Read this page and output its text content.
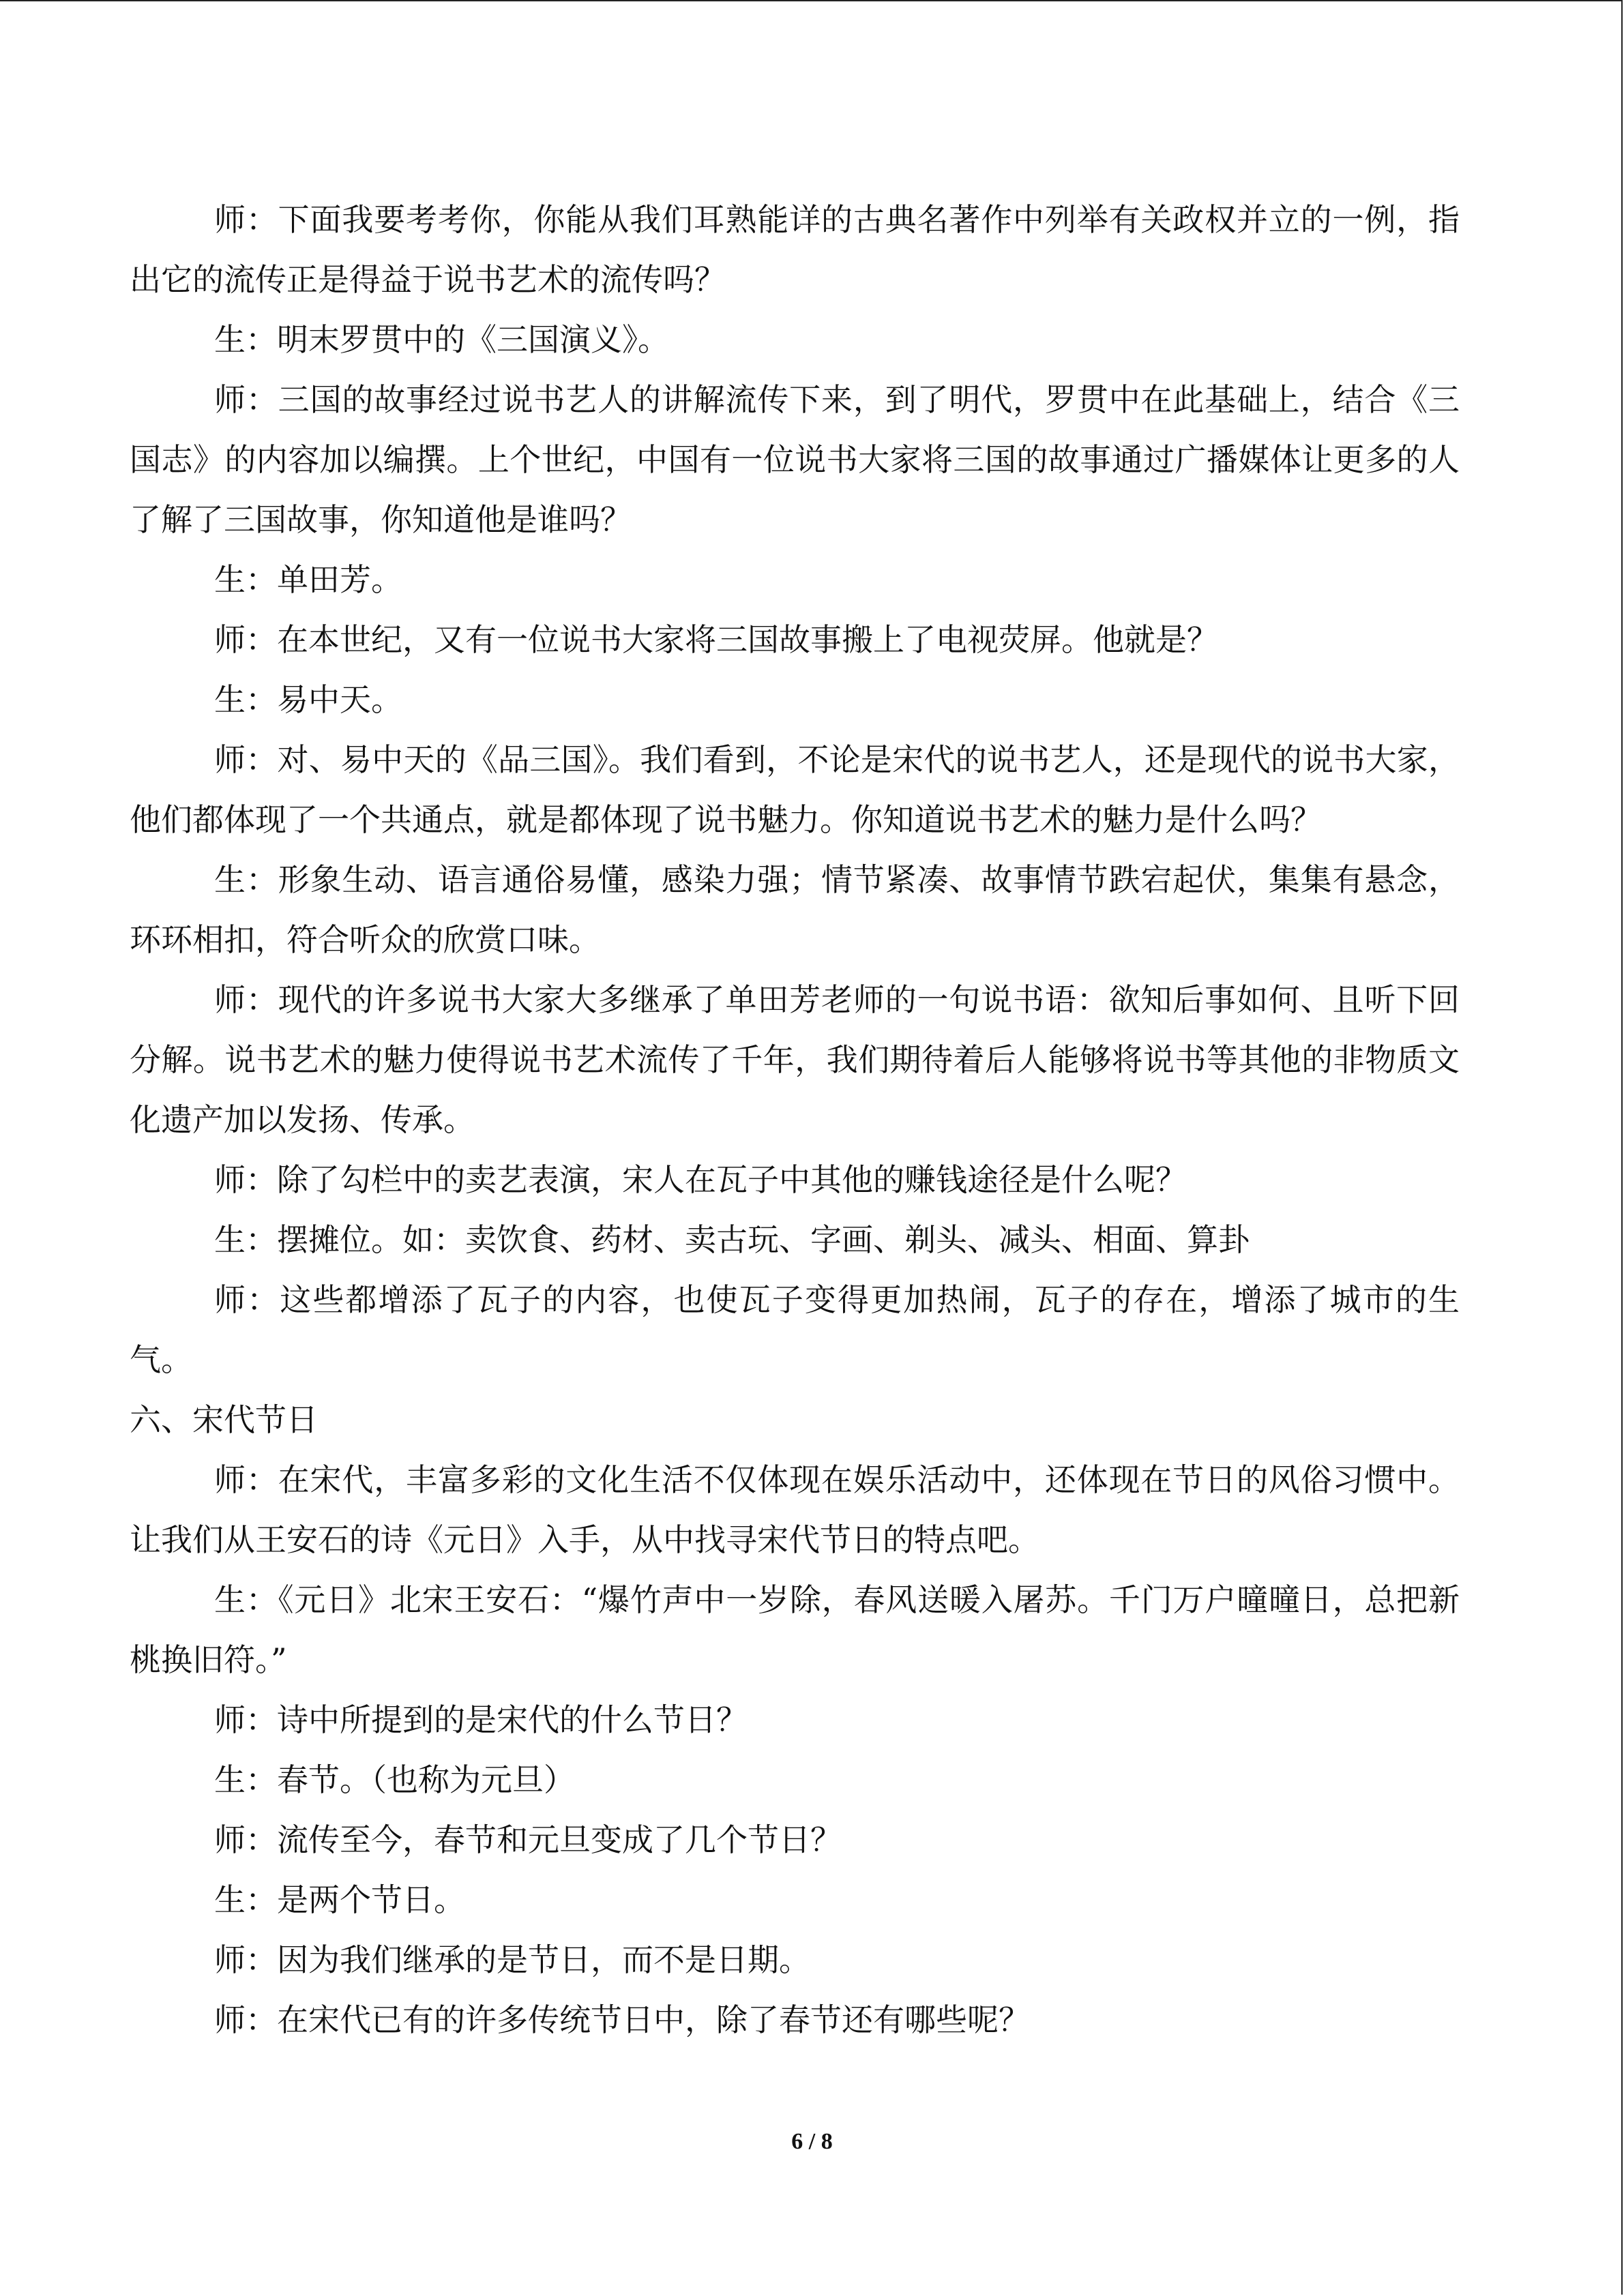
师：下面我要考考你，你能从我们耳熟能详的古典名著作中列举有关政权并立的一例，指出它的流传正是得益于说书艺术的流传吗？

生：明末罗贯中的《三国演义》。

师：三国的故事经过说书艺人的讲解流传下来，到了明代，罗贯中在此基础上，结合《三国志》的内容加以编撰。上个世纪，中国有一位说书大家将三国的故事通过广播媒体让更多的人了解了三国故事，你知道他是谁吗？

生：单田芳。

师：在本世纪，又有一位说书大家将三国故事搬上了电视荧屏。他就是？

生：易中天。

师：对、易中天的《品三国》。我们看到，不论是宋代的说书艺人，还是现代的说书大家，他们都体现了一个共通点，就是都体现了说书魅力。你知道说书艺术的魅力是什么吗？

生：形象生动、语言通俗易懂，感染力强；情节紧凑、故事情节跌宕起伏，集集有悬念，环环相扣，符合听众的欣赏口味。

师：现代的许多说书大家大多继承了单田芳老师的一句说书语：欲知后事如何、且听下回分解。说书艺术的魅力使得说书艺术流传了千年，我们期待着后人能够将说书等其他的非物质文化遗产加以发扬、传承。

师：除了勾栏中的卖艺表演，宋人在瓦子中其他的赚钱途径是什么呢？

生：摆摊位。如：卖饮食、药材、卖古玩、字画、剃头、减头、相面、算卦

师：这些都增添了瓦子的内容，也使瓦子变得更加热闹，瓦子的存在，增添了城市的生气。

六、宋代节日

师：在宋代，丰富多彩的文化生活不仅体现在娱乐活动中，还体现在节日的风俗习惯中。让我们从王安石的诗《元日》入手，从中找寻宋代节日的特点吧。

生：《元日》北宋王安石：“爆竹声中一岁除，春风送暖入屠苏。千门万户曈曈日，总把新桃换旧符。”

师：诗中所提到的是宋代的什么节日？

生：春节。（也称为元旦）

师：流传至今，春节和元旦变成了几个节日？

生：是两个节日。

师：因为我们继承的是节日，而不是日期。

师：在宋代已有的许多传统节日中，除了春节还有哪些呢？

6 / 8
